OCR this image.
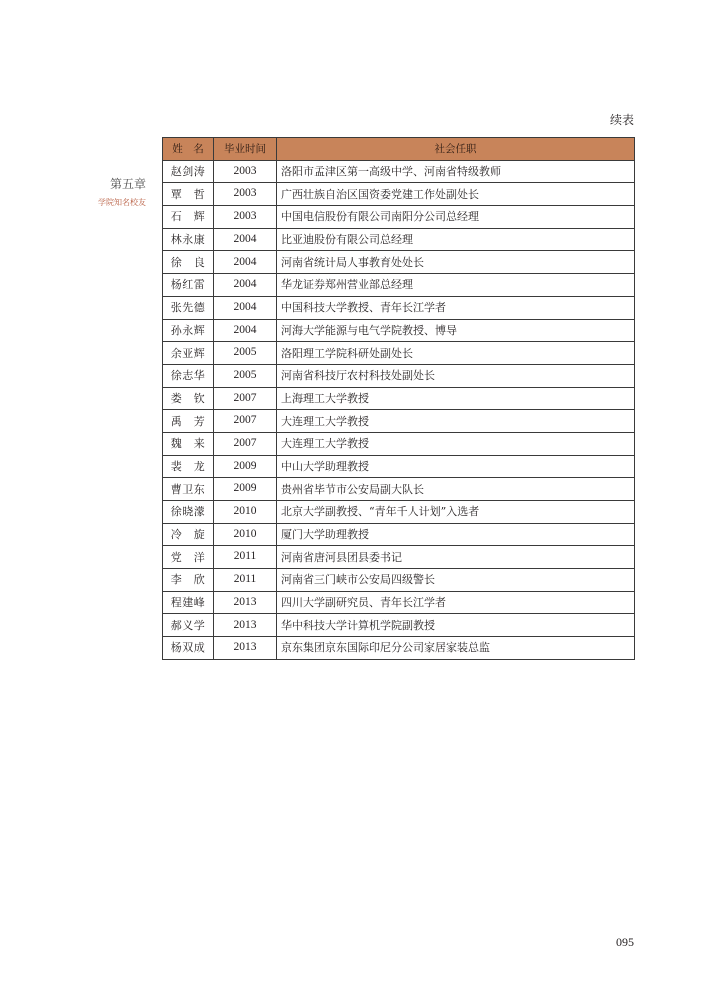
续表
第五章
学院知名校友
姓　名	毕业时间	社会任职
赵剑涛	2003	洛阳市孟津区第一高级中学、河南省特级教师
覃　哲	2003	广西壮族自治区国资委党建工作处副处长
石　辉	2003	中国电信股份有限公司南阳分公司总经理
林永康	2004	比亚迪股份有限公司总经理
徐　良	2004	河南省统计局人事教育处处长
杨红雷	2004	华龙证券郑州营业部总经理
张先德	2004	中国科技大学教授、青年长江学者
孙永辉	2004	河海大学能源与电气学院教授、博导
余亚辉	2005	洛阳理工学院科研处副处长
徐志华	2005	河南省科技厅农村科技处副处长
娄　钦	2007	上海理工大学教授
禹　芳	2007	大连理工大学教授
魏　来	2007	大连理工大学教授
裴　龙	2009	中山大学助理教授
曹卫东	2009	贵州省毕节市公安局副大队长
徐晓濛	2010	北京大学副教授、“青年千人计划”入选者
冷　旋	2010	厦门大学助理教授
党　洋	2011	河南省唐河县团县委书记
李　欣	2011	河南省三门峡市公安局四级警长
程建峰	2013	四川大学副研究员、青年长江学者
郝义学	2013	华中科技大学计算机学院副教授
杨双成	2013	京东集团京东国际印尼分公司家居家装总监
095
